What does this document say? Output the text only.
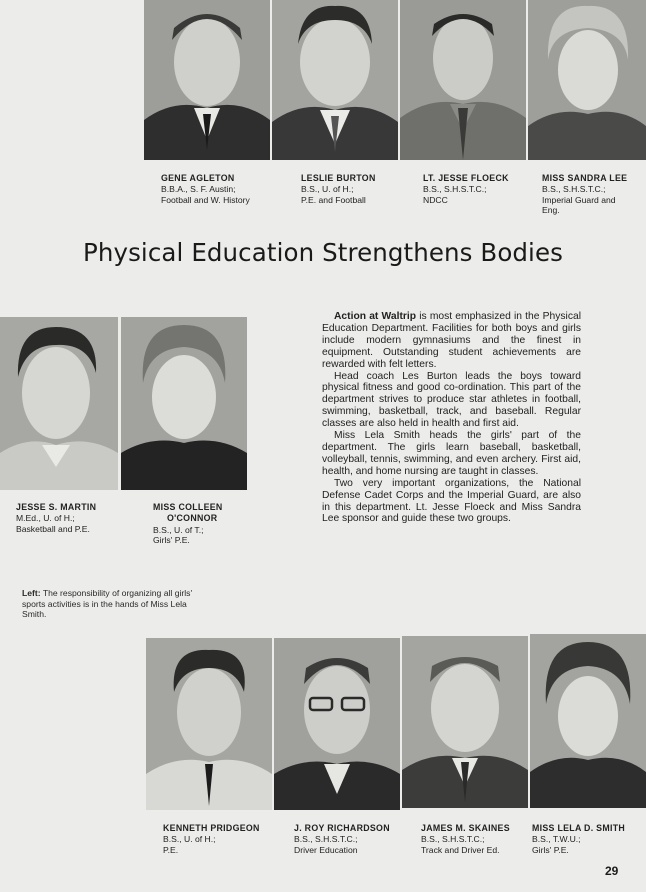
GENE AGLETON
B.B.A., S. F. Austin;
Football and W. History
LESLIE BURTON
B.S., U. of H.;
P.E. and Football
LT. JESSE FLOECK
B.S., S.H.S.T.C.;
NDCC
MISS SANDRA LEE
B.S., S.H.S.T.C.;
Imperial Guard and
Eng.
Physical Education Strengthens Bodies
JESSE S. MARTIN
M.Ed., U. of H.;
Basketball and P.E.
MISS COLLEEN
O'CONNOR
B.S., U. of T.;
Girls' P.E.

Action at Waltrip is most emphasized in the Physical Education Department. Facilities for both boys and girls include modern gymnasiums and the finest in equipment. Outstanding student achievements are rewarded with felt letters.

Head coach Les Burton leads the boys toward physical fitness and good co-ordination. This part of the department strives to produce star athletes in football, swimming, basketball, track, and baseball. Regular classes are also held in health and first aid.

Miss Lela Smith heads the girls' part of the department. The girls learn baseball, basketball, volleyball, tennis, swimming, and even archery. First aid, health, and home nursing are taught in classes.

Two very important organizations, the National Defense Cadet Corps and the Imperial Guard, are also in this department. Lt. Jesse Floeck and Miss Sandra Lee sponsor and guide these two groups.

Left: The responsibility of organizing all girls' sports activities is in the hands of Miss Lela Smith.
KENNETH PRIDGEON
B.S., U. of H.;
P.E.
J. ROY RICHARDSON
B.S., S.H.S.T.C.;
Driver Education
JAMES M. SKAINES
B.S., S.H.S.T.C.;
Track and Driver Ed.
MISS LELA D. SMITH
B.S., T.W.U.;
Girls' P.E.
29
